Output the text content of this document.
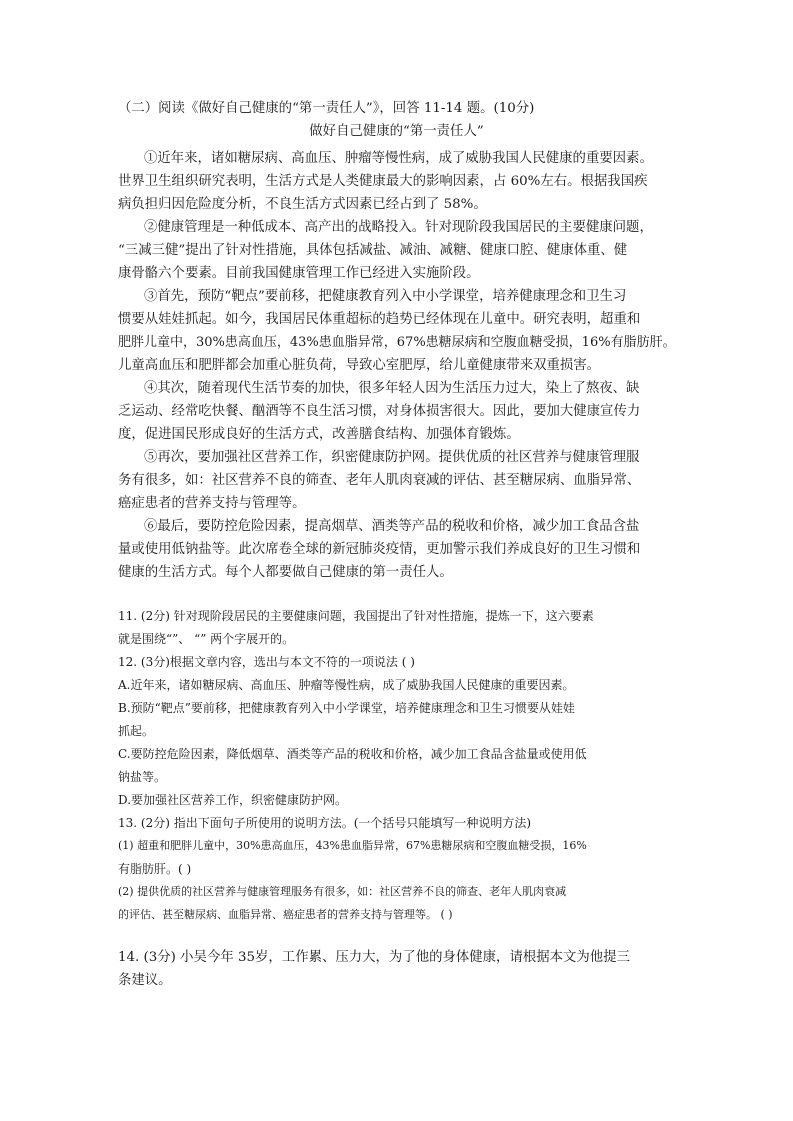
（二）阅读《做好自己健康的“第一责任人”》，回答 11-14 题。(10分)
做好自己健康的“第一责任人”
①近年来，诸如糖尿病、高血压、肿瘤等慢性病，成了威胁我国人民健康的重要因素。
世界卫生组织研究表明，生活方式是人类健康最大的影响因素，占 60%左右。根据我国疾
病负担归因危险度分析，不良生活方式因素已经占到了 58%。
②健康管理是一种低成本、高产出的战略投入。针对现阶段我国居民的主要健康问题，
“三减三健”提出了针对性措施，具体包括减盐、减油、减糖、健康口腔、健康体重、健
康骨骼六个要素。目前我国健康管理工作已经进入实施阶段。
③首先，预防“靶点”要前移，把健康教育列入中小学课堂，培养健康理念和卫生习
惯要从娃娃抓起。如今，我国居民体重超标的趋势已经体现在儿童中。研究表明，超重和
肥胖儿童中，30%患高血压，43%患血脂异常，67%患糖尿病和空腹血糖受损，16%有脂肪肝。
儿童高血压和肥胖都会加重心脏负荷，导致心室肥厚，给儿童健康带来双重损害。
④其次，随着现代生活节奏的加快，很多年轻人因为生活压力过大，染上了熬夜、缺
乏运动、经常吃快餐、酗酒等不良生活习惯，对身体损害很大。因此，要加大健康宣传力
度，促进国民形成良好的生活方式，改善膳食结构、加强体育锻炼。
⑤再次，要加强社区营养工作，织密健康防护网。提供优质的社区营养与健康管理服
务有很多，如：社区营养不良的筛查、老年人肌肉衰减的评估、甚至糖尿病、血脂异常、
癌症患者的营养支持与管理等。
⑥最后，要防控危险因素，提高烟草、酒类等产品的税收和价格，减少加工食品含盐
量或使用低钠盐等。此次席卷全球的新冠肺炎疫情，更加警示我们养成良好的卫生习惯和
健康的生活方式。每个人都要做自己健康的第一责任人。
11. (2分) 针对现阶段居民的主要健康问题，我国提出了针对性措施，提炼一下，这六要素
就是围绕“”、 “” 两个字展开的。
12. (3分)根据文章内容，选出与本文不符的一项说法 ( )
A.近年来，诸如糖尿病、高血压、肿瘤等慢性病，成了威胁我国人民健康的重要因素。
B.预防“靶点”要前移，把健康教育列入中小学课堂，培养健康理念和卫生习惯要从娃娃
抓起。
C.要防控危险因素，降低烟草、酒类等产品的税收和价格，减少加工食品含盐量或使用低
钠盐等。
D.要加强社区营养工作，织密健康防护网。
13. (2分) 指出下面句子所使用的说明方法。(一个括号只能填写一种说明方法)
(1) 超重和肥胖儿童中，30%患高血压，43%患血脂异常，67%患糖尿病和空腹血糖受损，16%
有脂肪肝。( )
(2) 提供优质的社区营养与健康管理服务有很多，如：社区营养不良的筛查、老年人肌肉衰减
的评估、甚至糖尿病、血脂异常、癌症患者的营养支持与管理等。 ( )
14. (3分) 小吴今年 35岁，工作累、压力大，为了他的身体健康，请根据本文为他提三
条建议。
